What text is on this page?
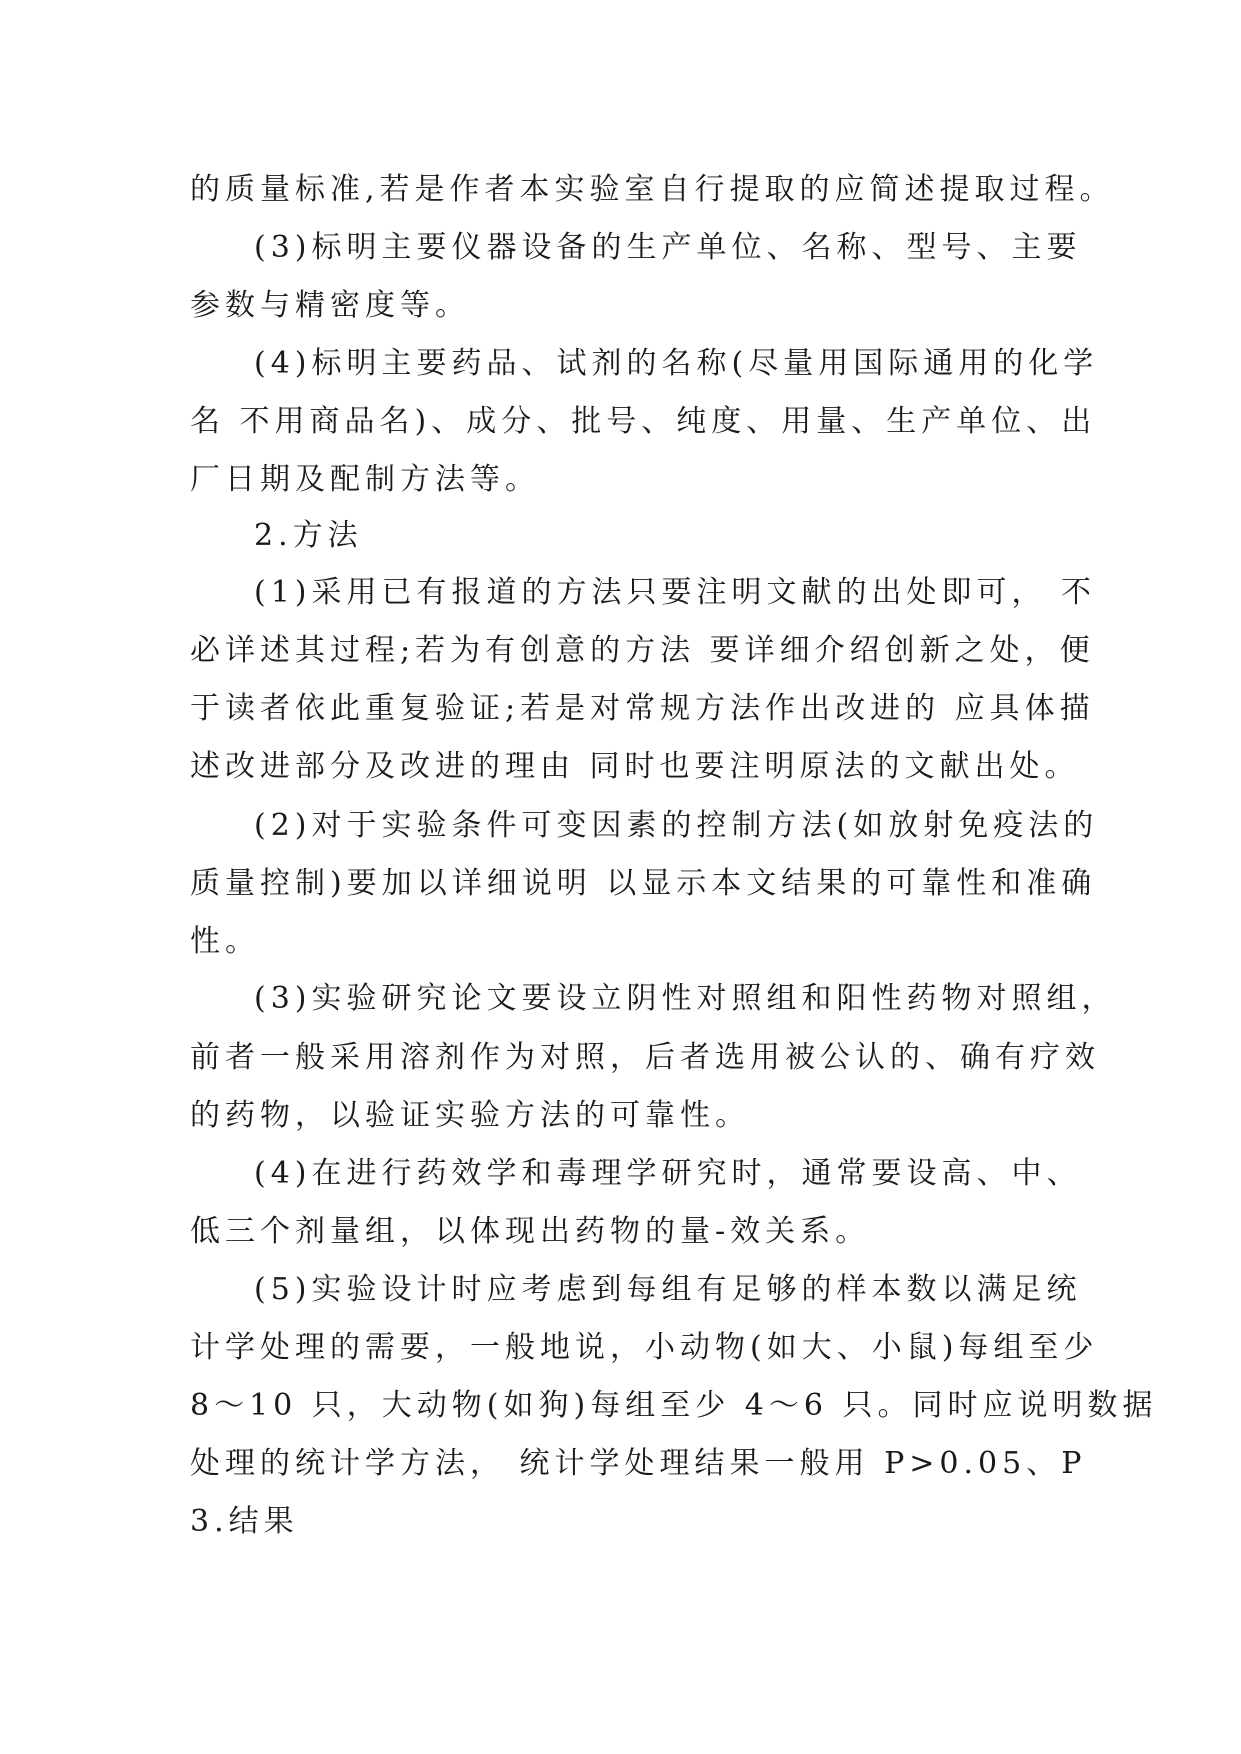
的质量标准,若是作者本实验室自行提取的应简述提取过程。

(3)标明主要仪器设备的生产单位、名称、型号、主要

参数与精密度等。

(4)标明主要药品、试剂的名称(尽量用国际通用的化学

名 不用商品名)、成分、批号、纯度、用量、生产单位、出

厂日期及配制方法等。

2.方法

(1)采用已有报道的方法只要注明文献的出处即可， 不

必详述其过程;若为有创意的方法 要详细介绍创新之处，便

于读者依此重复验证;若是对常规方法作出改进的 应具体描

述改进部分及改进的理由 同时也要注明原法的文献出处。

(2)对于实验条件可变因素的控制方法(如放射免疫法的

质量控制)要加以详细说明 以显示本文结果的可靠性和准确

性。

(3)实验研究论文要设立阴性对照组和阳性药物对照组，

前者一般采用溶剂作为对照，后者选用被公认的、确有疗效

的药物，以验证实验方法的可靠性。

(4)在进行药效学和毒理学研究时，通常要设高、中、

低三个剂量组，以体现出药物的量-效关系。

(5)实验设计时应考虑到每组有足够的样本数以满足统

计学处理的需要，一般地说，小动物(如大、小鼠)每组至少

8～10 只，大动物(如狗)每组至少 4～6 只。同时应说明数据

处理的统计学方法， 统计学处理结果一般用 P>0.05、P

3.结果
